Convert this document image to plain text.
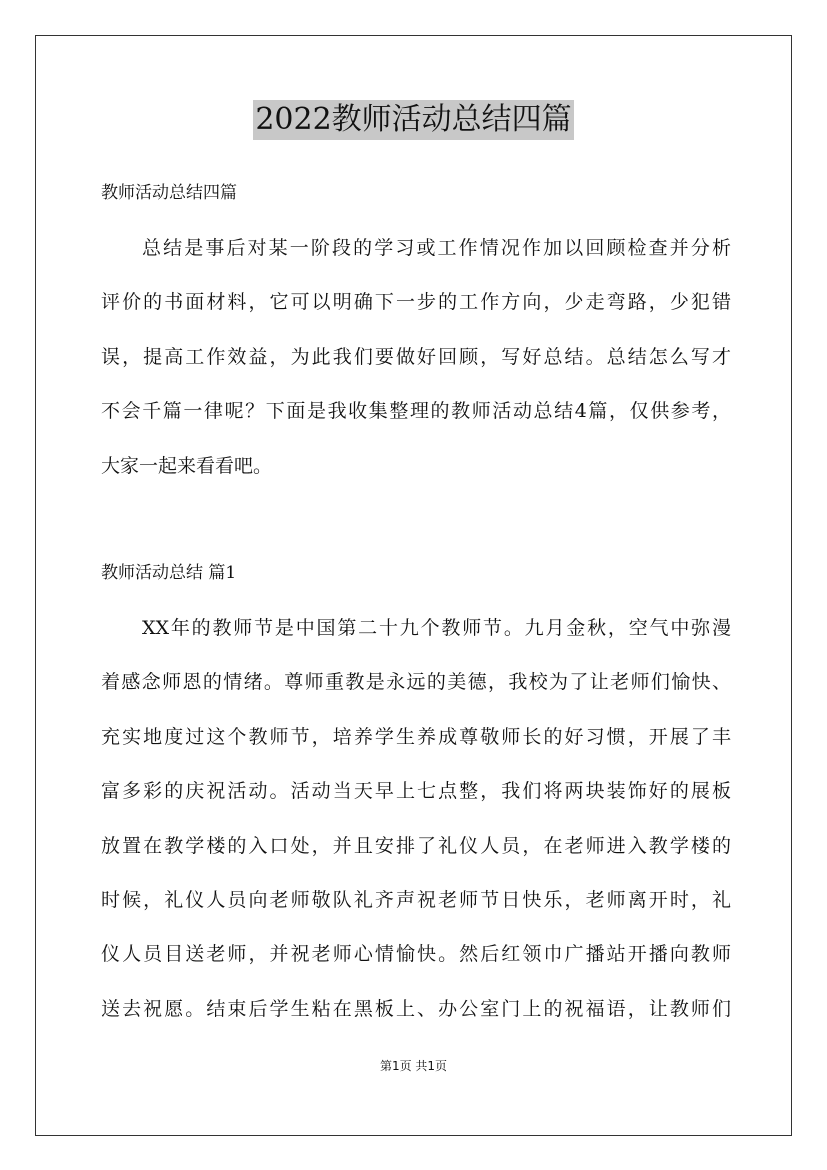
2022教师活动总结四篇
教师活动总结四篇
总结是事后对某一阶段的学习或工作情况作加以回顾检查并分析
评价的书面材料，它可以明确下一步的工作方向，少走弯路，少犯错
误，提高工作效益，为此我们要做好回顾，写好总结。总结怎么写才
不会千篇一律呢？下面是我收集整理的教师活动总结4篇，仅供参考，
大家一起来看看吧。
教师活动总结 篇1
XX年的教师节是中国第二十九个教师节。九月金秋，空气中弥漫
着感念师恩的情绪。尊师重教是永远的美德，我校为了让老师们愉快、
充实地度过这个教师节，培养学生养成尊敬师长的好习惯，开展了丰
富多彩的庆祝活动。活动当天早上七点整，我们将两块装饰好的展板
放置在教学楼的入口处，并且安排了礼仪人员，在老师进入教学楼的
时候，礼仪人员向老师敬队礼齐声祝老师节日快乐，老师离开时，礼
仪人员目送老师，并祝老师心情愉快。然后红领巾广播站开播向教师
送去祝愿。结束后学生粘在黑板上、办公室门上的祝福语，让教师们
第1页 共1页
